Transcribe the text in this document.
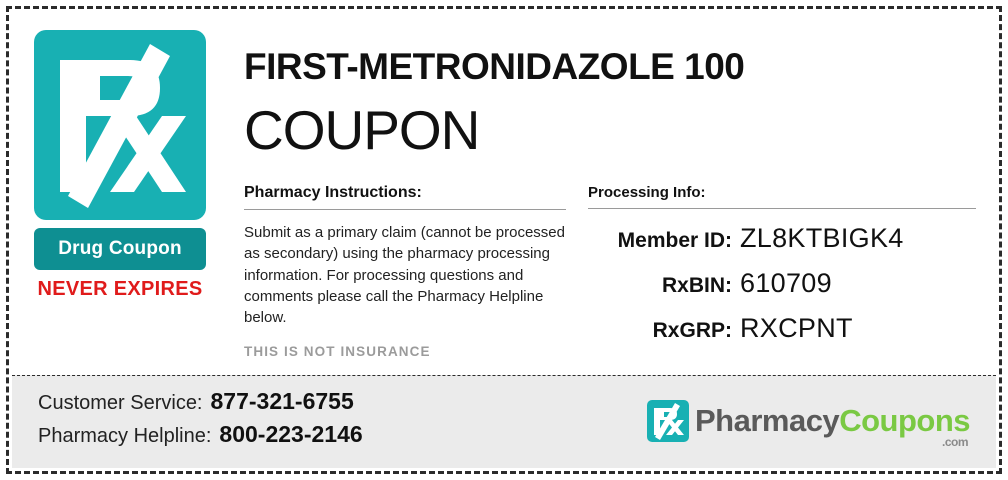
Drug Coupon
NEVER EXPIRES
FIRST-METRONIDAZOLE 100
COUPON
Pharmacy Instructions:
Submit as a primary claim (cannot be processed as secondary) using the pharmacy processing information. For processing questions and comments please call the Pharmacy Helpline below.
THIS IS NOT INSURANCE
Processing Info:
Member ID: ZL8KTBIGK4
RxBIN: 610709
RxGRP: RXCPNT
Customer Service: 877-321-6755
Pharmacy Helpline: 800-223-2146	PharmacyCoupons
.com
